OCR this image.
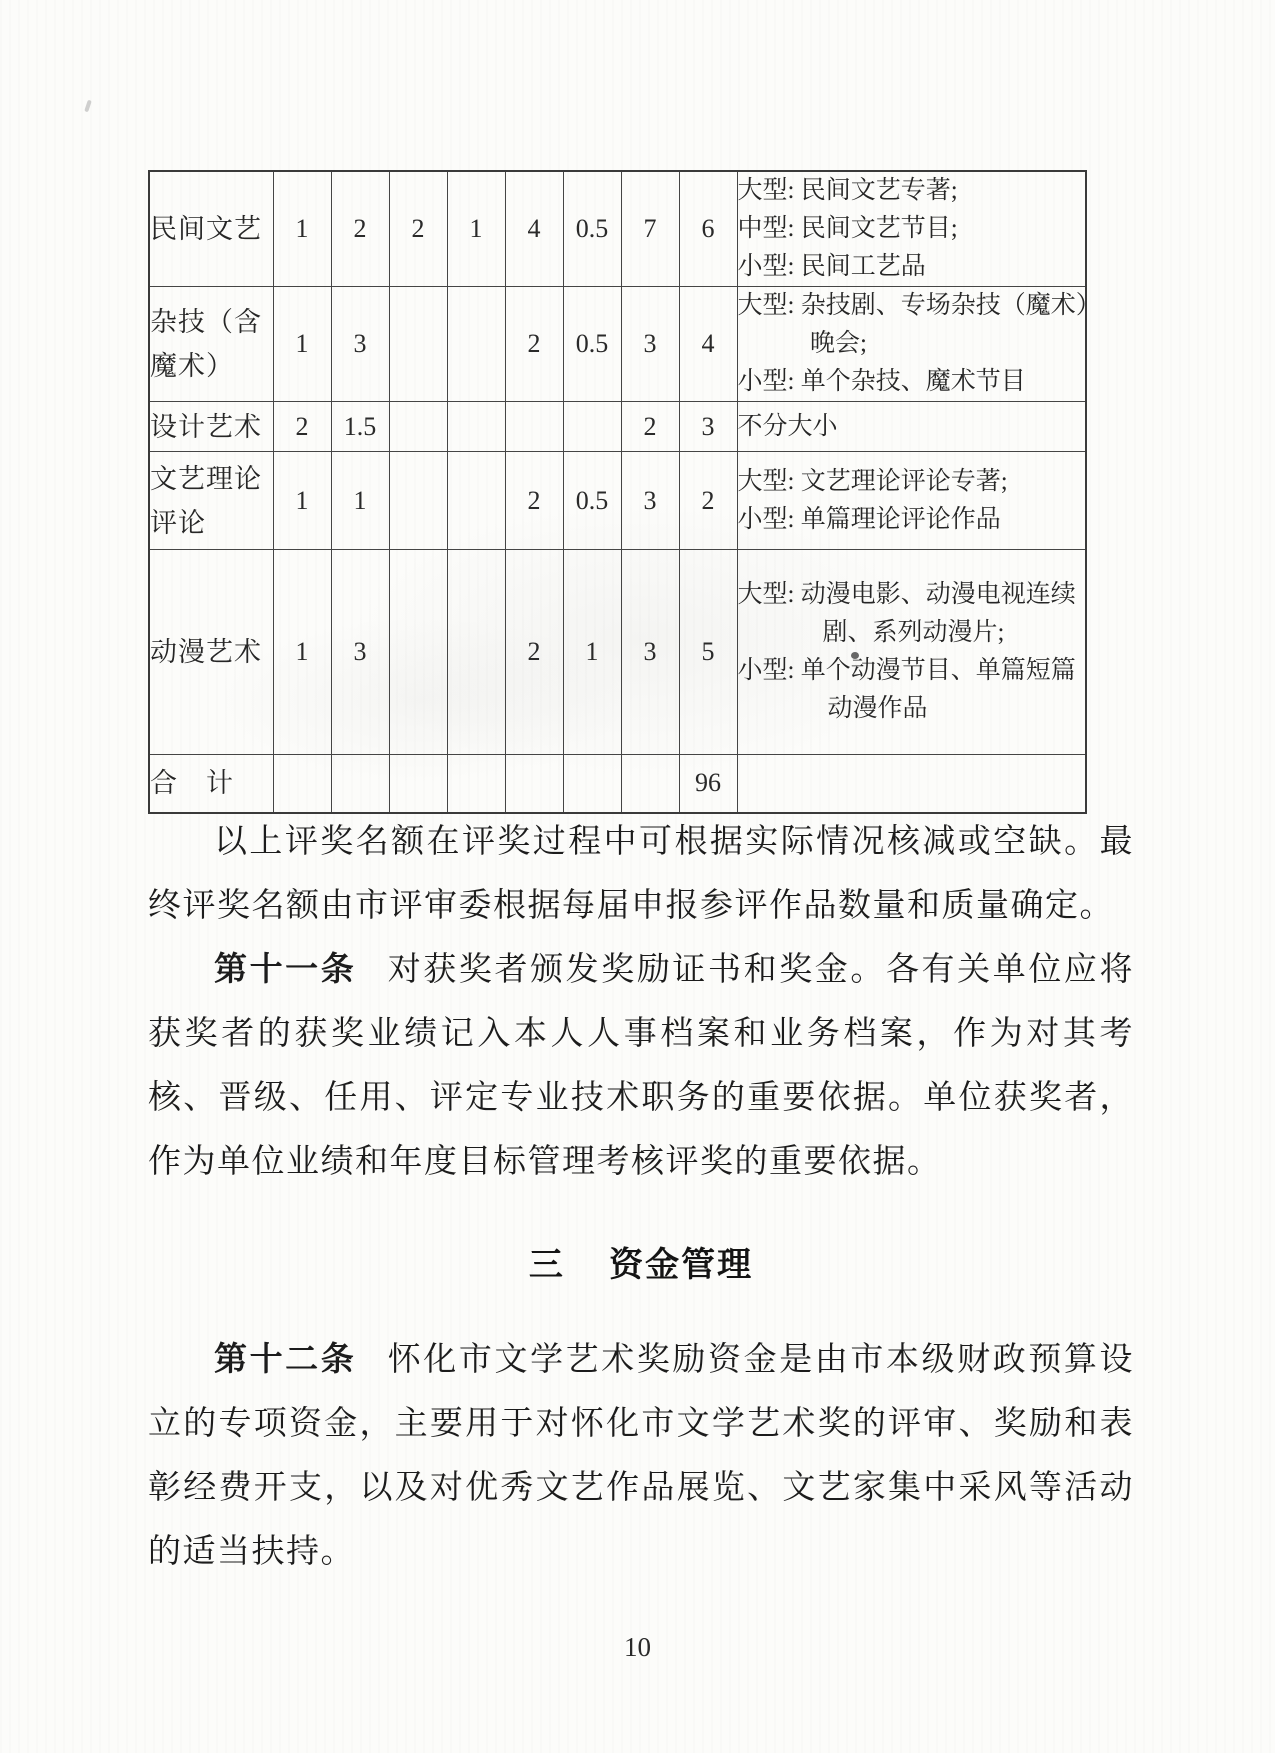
民间文艺	1	2	2	1	4	0.5	7	6	大型: 民间文艺专著;
中型: 民间文艺节目;
小型: 民间工艺品

杂技（含魔术）	1	3			2	0.5	3	4	大型: 杂技剧、专场杂技（魔术）
晚会;
小型: 单个杂技、魔术节目

设计艺术	2	1.5					2	3	不分大小

文艺理论评论	1	1			2	0.5	3	2	大型: 文艺理论评论专著;
小型: 单篇理论评论作品

动漫艺术	1	3			2	1	3	5	大型: 动漫电影、动漫电视连续
剧、系列动漫片;
小型: 单个动漫节目、单篇短篇
动漫作品

合　计								96	

以上评奖名额在评奖过程中可根据实际情况核减或空缺。最终评奖名额由市评审委根据每届申报参评作品数量和质量确定。

第十一条 对获奖者颁发奖励证书和奖金。各有关单位应将获奖者的获奖业绩记入本人人事档案和业务档案，作为对其考核、晋级、任用、评定专业技术职务的重要依据。单位获奖者，作为单位业绩和年度目标管理考核评奖的重要依据。

三 资金管理

第十二条 怀化市文学艺术奖励资金是由市本级财政预算设立的专项资金，主要用于对怀化市文学艺术奖的评审、奖励和表彰经费开支，以及对优秀文艺作品展览、文艺家集中采风等活动的适当扶持。

10
